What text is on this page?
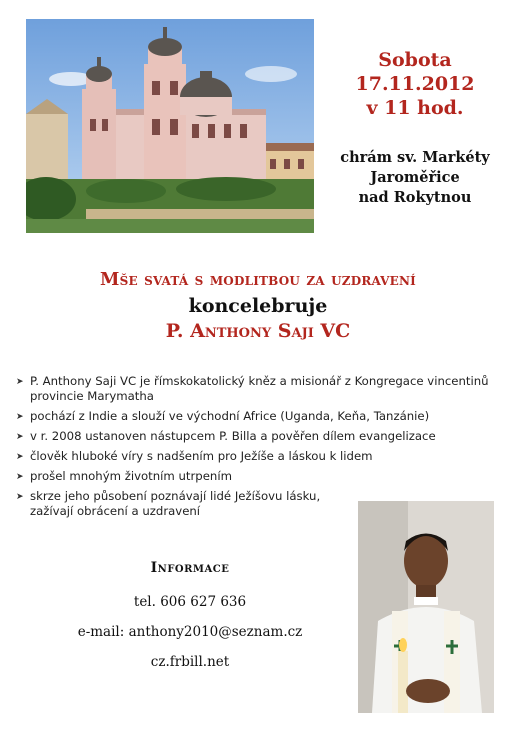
Sobota
17.11.2012
v 11 hod.
chrám sv. Markéty
Jaroměřice
nad Rokytnou
Mše svatá s modlitbou za uzdravení
koncelebruje
P. Anthony Saji VC
➤ P. Anthony Saji VC je římskokatolický kněz a misionář z Kongregace vincentinů provincie Marymatha
➤ pochází z Indie a slouží ve východní Africe (Uganda, Keňa, Tanzánie)
➤ v r. 2008 ustanoven nástupcem P. Billa a pověřen dílem evangelizace
➤ člověk hluboké víry s nadšením pro Ježíše a láskou k lidem
➤ prošel mnohým životním utrpením
➤ skrze jeho působení poznávají lidé Ježíšovu lásku, zažívají obrácení a uzdravení
Informace
tel. 606 627 636
e-mail: anthony2010@seznam.cz
cz.frbill.net
